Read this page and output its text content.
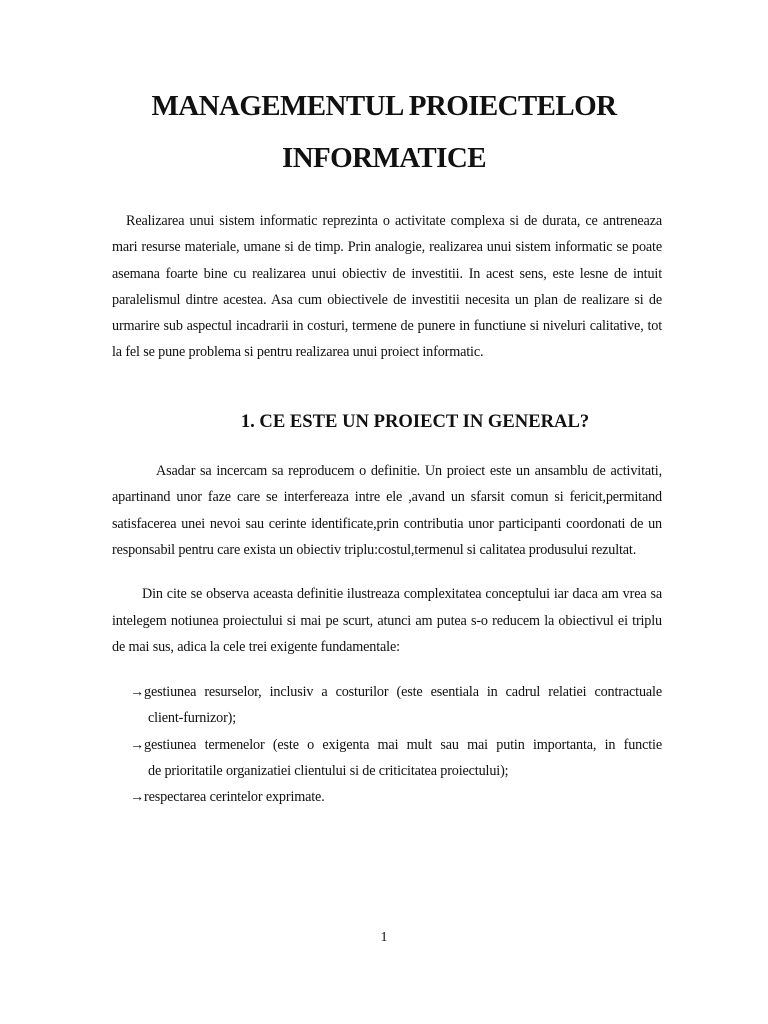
MANAGEMENTUL PROIECTELOR
INFORMATICE

Realizarea unui sistem informatic reprezinta o activitate complexa si de durata, ce antreneaza mari resurse materiale, umane si de timp. Prin analogie, realizarea unui sistem informatic se poate asemana foarte bine cu realizarea unui obiectiv de investitii. In acest sens, este lesne de intuit paralelismul dintre acestea. Asa cum obiectivele de investitii necesita un plan de realizare si de urmarire sub aspectul incadrarii in costuri, termene de punere in functiune si niveluri calitative, tot la fel se pune problema si pentru realizarea unui proiect informatic.

1. CE ESTE UN PROIECT IN GENERAL?

Asadar sa incercam sa reproducem o definitie. Un proiect este un ansamblu de activitati, apartinand unor faze care se interfereaza intre ele ,avand un sfarsit comun si fericit,permitand satisfacerea unei nevoi sau cerinte identificate,prin contributia unor participanti coordonati de un responsabil pentru care exista un obiectiv triplu:costul,termenul si calitatea produsului rezultat.

Din cite se observa aceasta definitie ilustreaza complexitatea conceptului iar daca am vrea sa intelegem notiunea proiectului si mai pe scurt, atunci am putea s-o reducem la obiectivul ei triplu de mai sus, adica la cele trei exigente fundamentale:

→gestiunea resurselor, inclusiv a costurilor (este esentiala in cadrul relatiei contractuale
client-furnizor);
→gestiunea termenelor (este o exigenta mai mult sau mai putin importanta, in functie
de prioritatile organizatiei clientului si de criticitatea proiectului);
→respectarea cerintelor exprimate.
1
